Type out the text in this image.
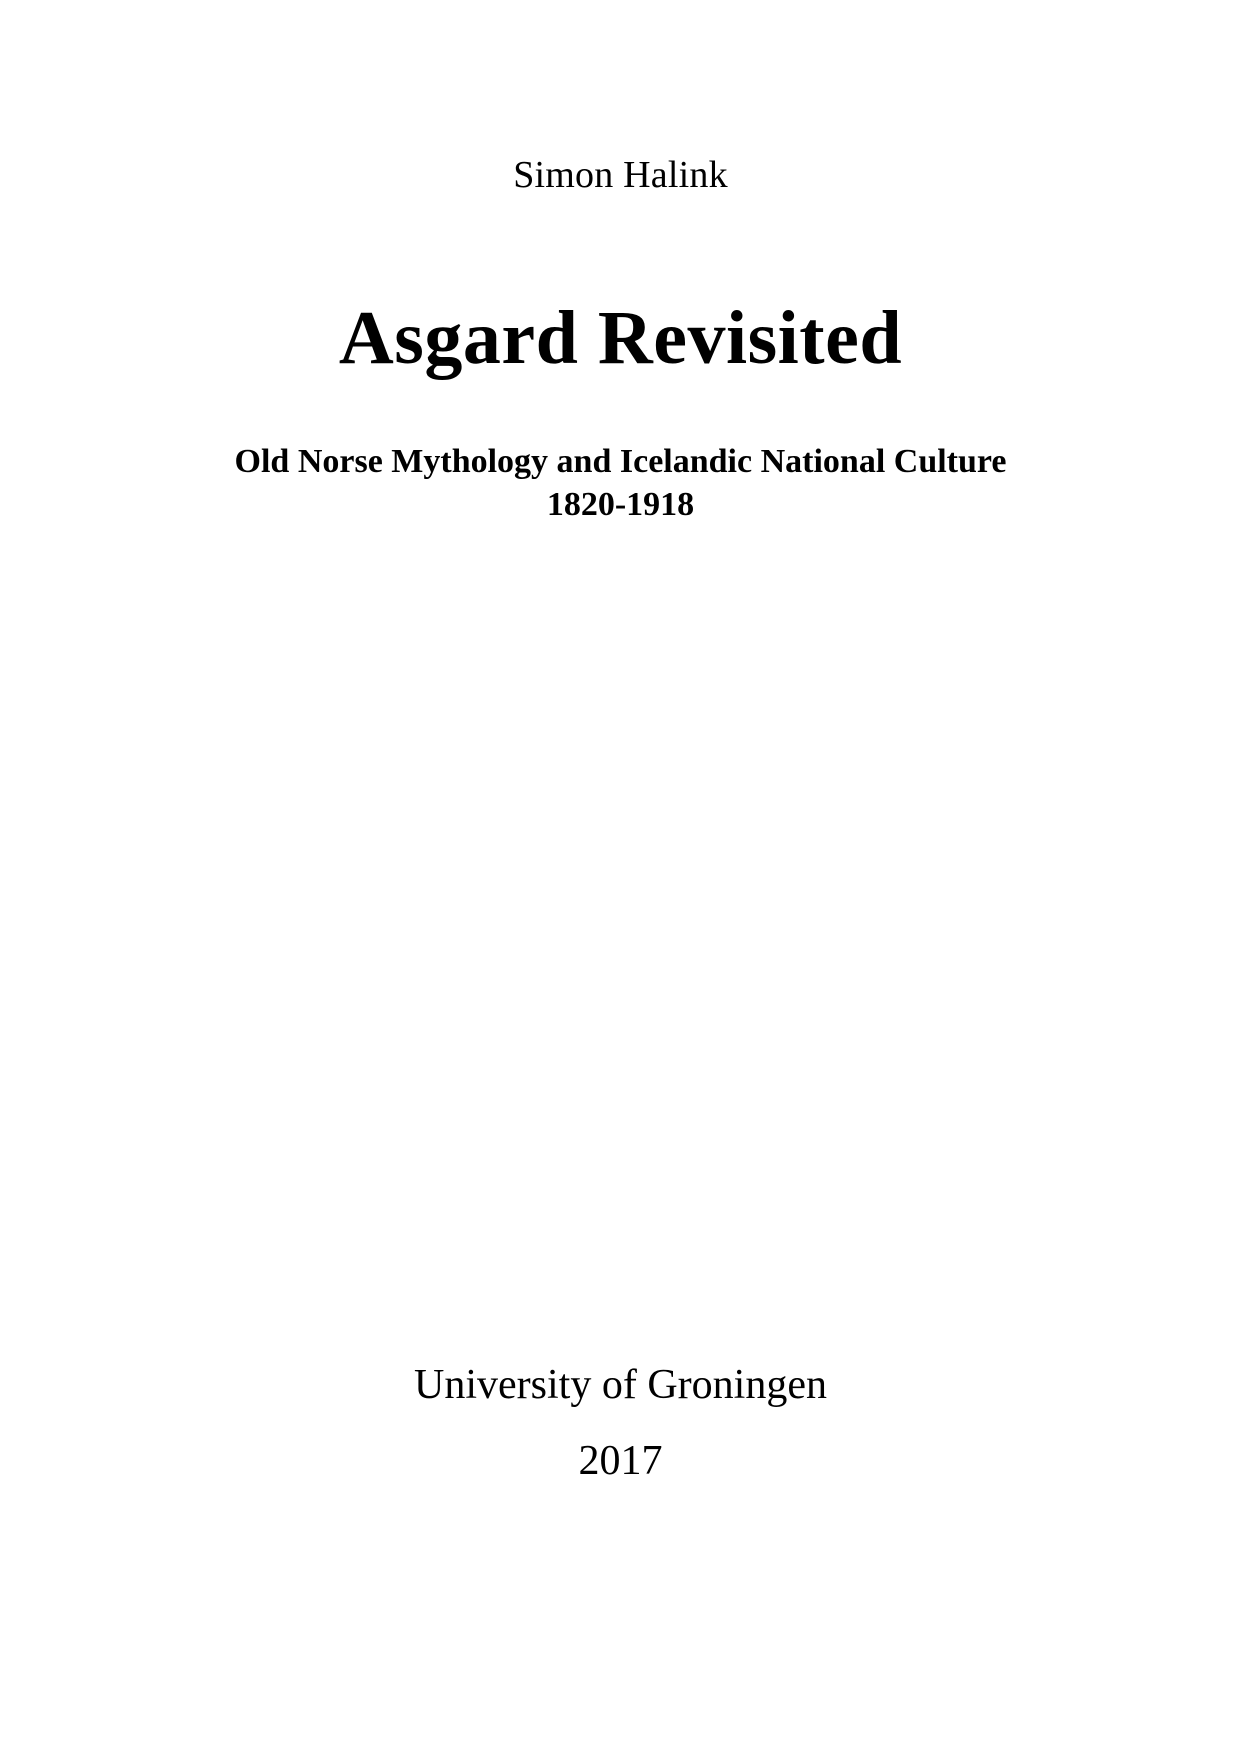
Simon Halink
Asgard Revisited
Old Norse Mythology and Icelandic National Culture
1820-1918
University of Groningen
2017
